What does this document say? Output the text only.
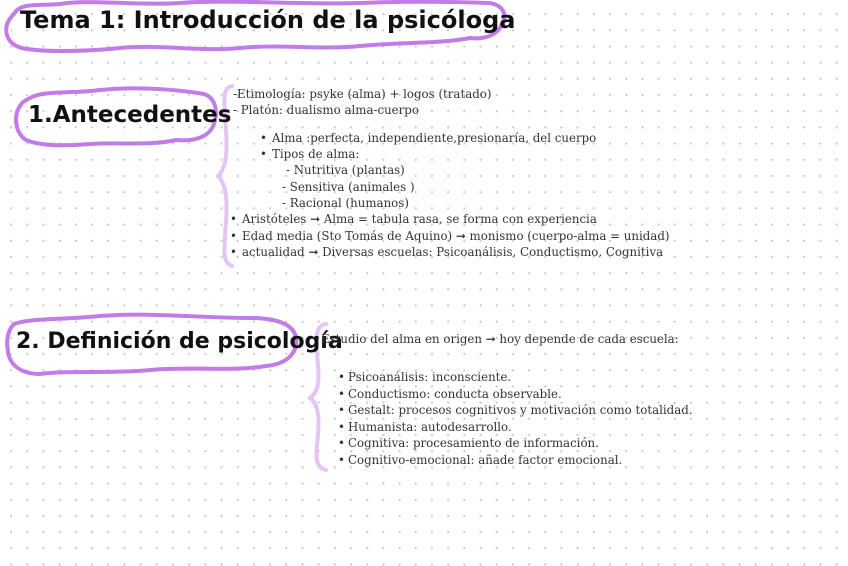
Tema 1: Introducción de la psicóloga
1.Antecedentes
-Etimología: psyke (alma) + logos (tratado)
- Platón: dualismo alma-cuerpo
• Alma :perfecta, independiente,presionaría, del cuerpo
• Tipos de alma:
- Nutritiva (plantas)
- Sensitiva (animales )
- Racional (humanos)
• Aristóteles ➞ Alma = tabula rasa, se forma con experiencia
• Edad media (Sto Tomás de Aquino) ➞ monismo (cuerpo-alma = unidad)
• actualidad ➞ Diversas escuelas: Psicoanálisis, Conductismo, Cognitiva
2. Definición de psicología
Estudio del alma en origen ➞ hoy depende de cada escuela:
• Psicoanálisis: inconsciente.
• Conductismo: conducta observable.
• Gestalt: procesos cognitivos y motivación como totalidad.
• Humanista: autodesarrollo.
• Cognitiva: procesamiento de información.
• Cognitivo-emocional: añade factor emocional.
